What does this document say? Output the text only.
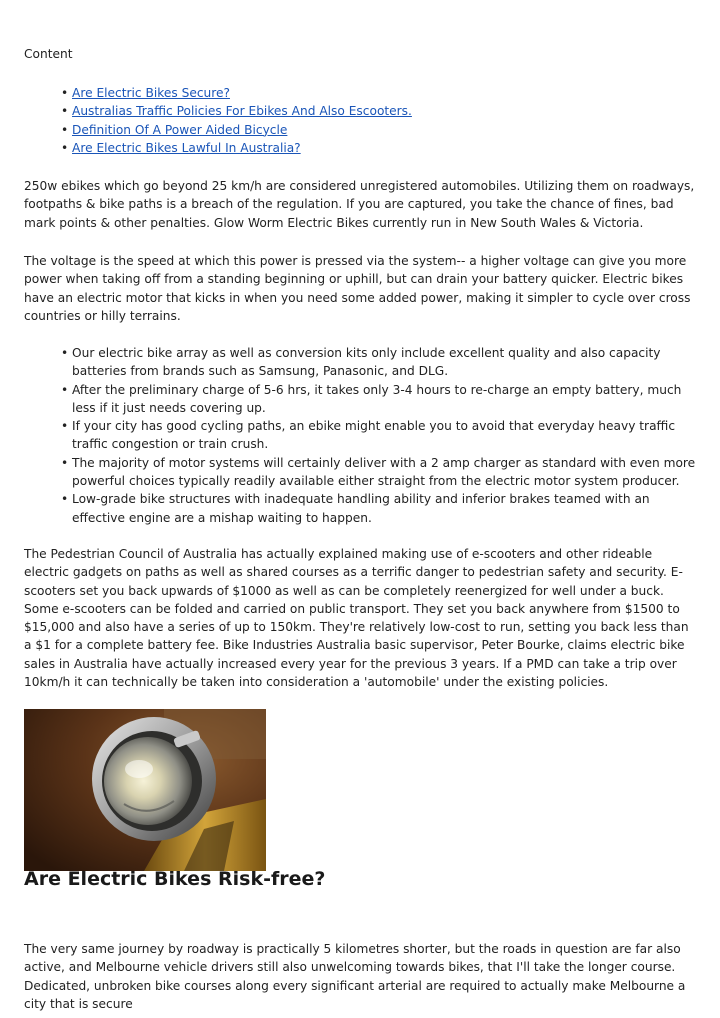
Content
• Are Electric Bikes Secure?
• Australias Traffic Policies For Ebikes And Also Escooters.
• Definition Of A Power Aided Bicycle
• Are Electric Bikes Lawful In Australia?

250w ebikes which go beyond 25 km/h are considered unregistered automobiles. Utilizing them on roadways, footpaths & bike paths is a breach of the regulation. If you are captured, you take the chance of fines, bad mark points & other penalties. Glow Worm Electric Bikes currently run in New South Wales & Victoria.

The voltage is the speed at which this power is pressed via the system-- a higher voltage can give you more power when taking off from a standing beginning or uphill, but can drain your battery quicker. Electric bikes have an electric motor that kicks in when you need some added power, making it simpler to cycle over cross countries or hilly terrains.

• Our electric bike array as well as conversion kits only include excellent quality and also capacity batteries from brands such as Samsung, Panasonic, and DLG.
• After the preliminary charge of 5-6 hrs, it takes only 3-4 hours to re-charge an empty battery, much less if it just needs covering up.
• If your city has good cycling paths, an ebike might enable you to avoid that everyday heavy traffic traffic congestion or train crush.
• The majority of motor systems will certainly deliver with a 2 amp charger as standard with even more powerful choices typically readily available either straight from the electric motor system producer.
• Low-grade bike structures with inadequate handling ability and inferior brakes teamed with an effective engine are a mishap waiting to happen.

The Pedestrian Council of Australia has actually explained making use of e-scooters and other rideable electric gadgets on paths as well as shared courses as a terrific danger to pedestrian safety and security. E-scooters set you back upwards of $1000 as well as can be completely reenergized for well under a buck. Some e-scooters can be folded and carried on public transport. They set you back anywhere from $1500 to $15,000 and also have a series of up to 150km. They're relatively low-cost to run, setting you back less than a $1 for a complete battery fee. Bike Industries Australia basic supervisor, Peter Bourke, claims electric bike sales in Australia have actually increased every year for the previous 3 years. If a PMD can take a trip over 10km/h it can technically be taken into consideration a 'automobile' under the existing policies.

Are Electric Bikes Risk-free?

The very same journey by roadway is practically 5 kilometres shorter, but the roads in question are far also active, and Melbourne vehicle drivers still also unwelcoming towards bikes, that I'll take the longer course. Dedicated, unbroken bike courses along every significant arterial are required to actually make Melbourne a city that is secure
